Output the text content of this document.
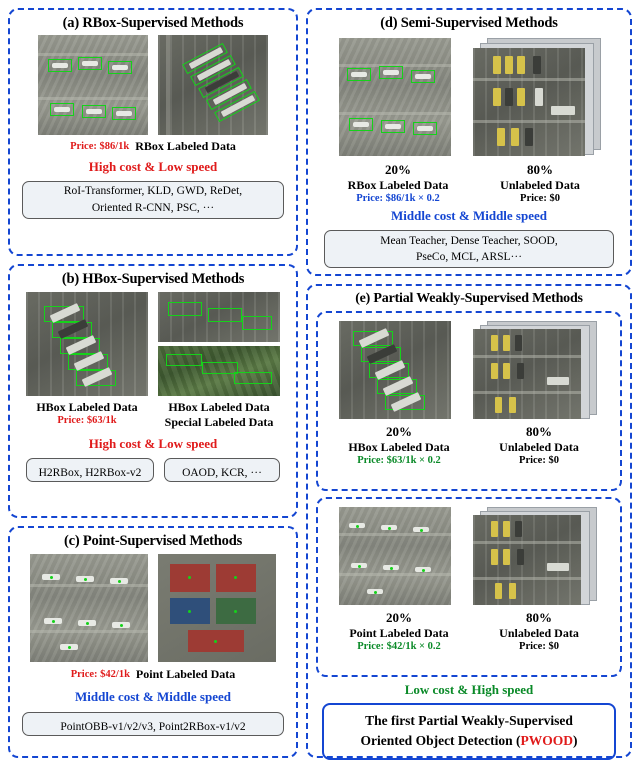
(a) RBox-Supervised Methods
Price: $86/1k RBox Labeled Data
High cost & Low speed
RoI-Transformer, KLD, GWD, ReDet,
Oriented R-CNN, PSC, ···
(b) HBox-Supervised Methods
HBox Labeled Data
Price: $63/1k
HBox Labeled Data
Special Labeled Data
High cost & Low speed
H2RBox, H2RBox-v2	OAOD, KCR, ···
(c) Point-Supervised Methods
Price: $42/1k Point Labeled Data
Middle cost & Middle speed
PointOBB-v1/v2/v3, Point2RBox-v1/v2
(d) Semi-Supervised Methods
20%
RBox Labeled Data
Price: $86/1k × 0.2
80%
Unlabeled Data
Price: $0
Middle cost & Middle speed
Mean Teacher, Dense Teacher, SOOD,
PseCo, MCL, ARSL···
(e) Partial Weakly-Supervised Methods
20%
HBox Labeled Data
Price: $63/1k × 0.2
80%
Unlabeled Data
Price: $0
20%
Point Labeled Data
Price: $42/1k × 0.2
80%
Unlabeled Data
Price: $0
Low cost & High speed
The first Partial Weakly-Supervised
Oriented Object Detection (PWOOD)
